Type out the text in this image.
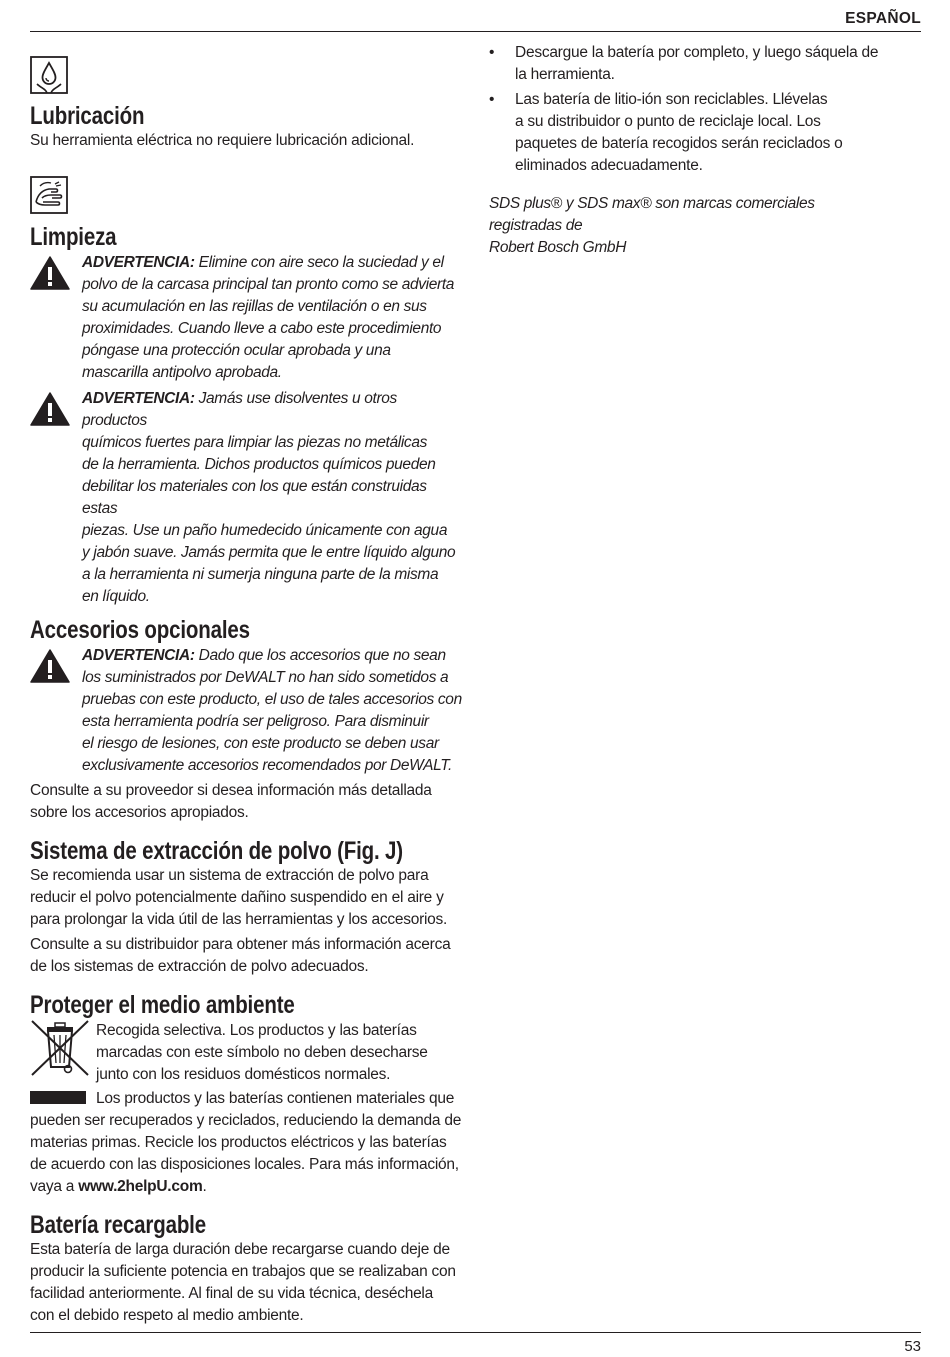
ESPAÑOL
Lubricación

Su herramienta eléctrica no requiere lubricación adicional.

Limpieza
ADVERTENCIA: Elimine con aire seco la suciedad y el
polvo de la carcasa principal tan pronto como se advierta
su acumulación en las rejillas de ventilación o en sus
proximidades. Cuando lleve a cabo este procedimiento
póngase una protección ocular aprobada y una
mascarilla antipolvo aprobada.
ADVERTENCIA: Jamás use disolventes u otros productos
químicos fuertes para limpiar las piezas no metálicas
de la herramienta. Dichos productos químicos pueden
debilitar los materiales con los que están construidas estas
piezas. Use un paño humedecido únicamente con agua
y jabón suave. Jamás permita que le entre líquido alguno
a la herramienta ni sumerja ninguna parte de la misma
en líquido.
Accesorios opcionales
ADVERTENCIA: Dado que los accesorios que no sean
los suministrados por DeWALT no han sido sometidos a
pruebas con este producto, el uso de tales accesorios con
esta herramienta podría ser peligroso. Para disminuir
el riesgo de lesiones, con este producto se deben usar
exclusivamente accesorios recomendados por DeWALT.

Consulte a su proveedor si desea información más detallada
sobre los accesorios apropiados.

Sistema de extracción de polvo (Fig. J)

Se recomienda usar un sistema de extracción de polvo para
reducir el polvo potencialmente dañino suspendido en el aire y
para prolongar la vida útil de las herramientas y los accesorios.

Consulte a su distribuidor para obtener más información acerca
de los sistemas de extracción de polvo adecuados.

Proteger el medio ambiente

Recogida selectiva. Los productos y las baterías
marcadas con este símbolo no deben desecharse
junto con los residuos domésticos normales.

Los productos y las baterías contienen materiales que
pueden ser recuperados y reciclados, reduciendo la demanda de
materias primas. Recicle los productos eléctricos y las baterías
de acuerdo con las disposiciones locales. Para más información,
vaya a www.2helpU.com.

Batería recargable

Esta batería de larga duración debe recargarse cuando deje de
producir la suficiente potencia en trabajos que se realizaban con
facilidad anteriormente. Al final de su vida técnica, deséchela
con el debido respeto al medio ambiente.

• Descargue la batería por completo, y luego sáquela de
la herramienta.
• Las batería de litio-ión son reciclables. Llévelas
a su distribuidor o punto de reciclaje local. Los
paquetes de batería recogidos serán reciclados o
eliminados adecuadamente.

SDS plus® y SDS max® son marcas comerciales registradas de
Robert Bosch GmbH

53
